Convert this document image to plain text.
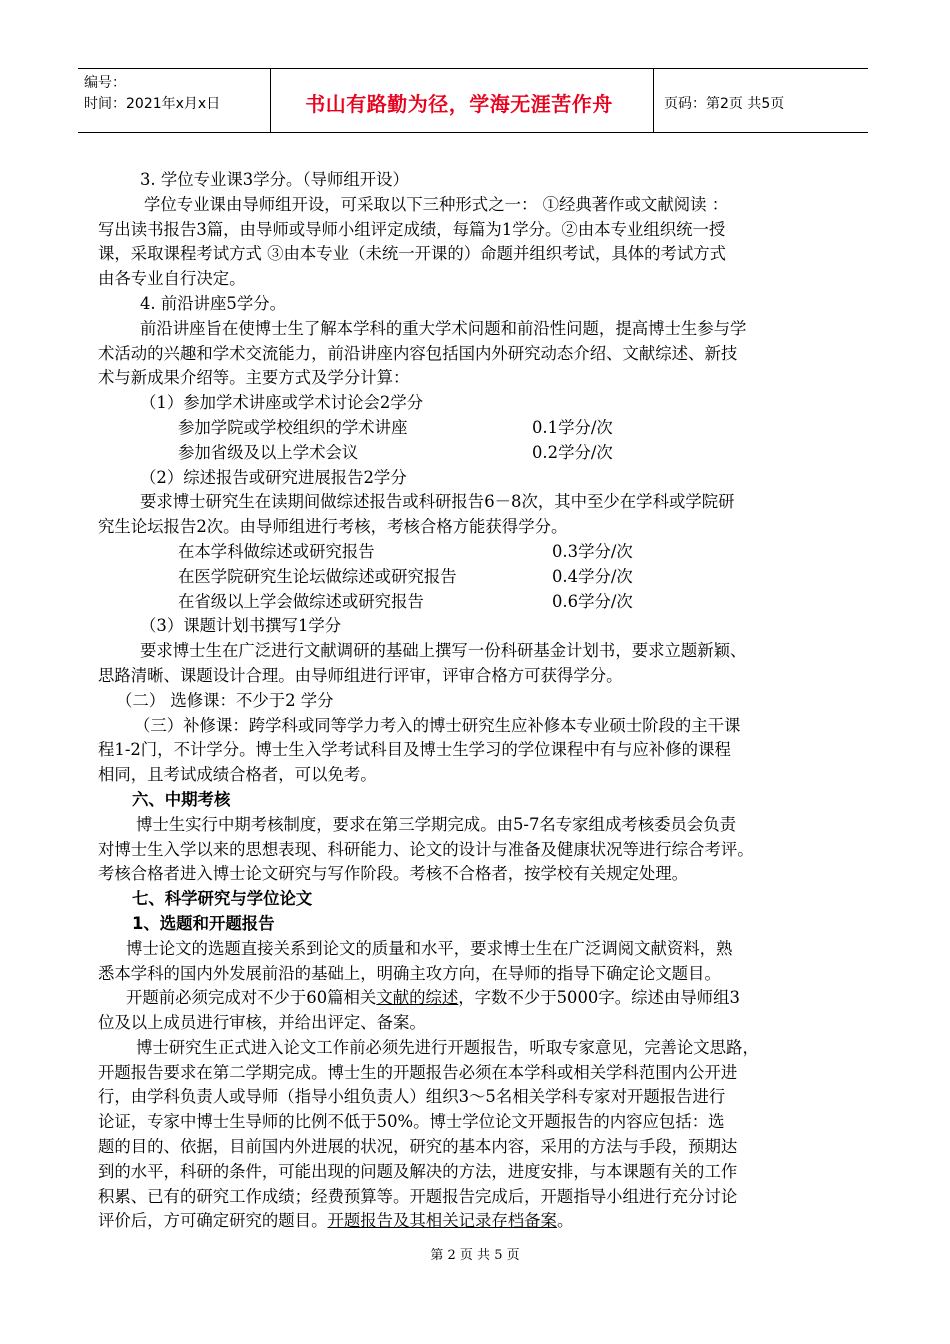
编号：
时间：2021年x月x日	书山有路勤为径，学海无涯苦作舟	页码：第2页 共5页

3. 学位专业课3学分。（导师组开设）

学位专业课由导师组开设，可采取以下三种形式之一： ①经典著作或文献阅读 ：

写出读书报告3篇，由导师或导师小组评定成绩，每篇为1学分。②由本专业组织统一授

课，采取课程考试方式 ③由本专业（未统一开课的）命题并组织考试，具体的考试方式

由各专业自行决定。

4. 前沿讲座5学分。

前沿讲座旨在使博士生了解本学科的重大学术问题和前沿性问题，提高博士生参与学

术活动的兴趣和学术交流能力，前沿讲座内容包括国内外研究动态介绍、文献综述、新技

术与新成果介绍等。主要方式及学分计算：

（1）参加学术讲座或学术讨论会2学分

参加学院或学校组织的学术讲座	0.1学分/次
参加省级及以上学术会议	0.2学分/次

（2）综述报告或研究进展报告2学分

要求博士研究生在读期间做综述报告或科研报告6－8次，其中至少在学科或学院研

究生论坛报告2次。由导师组进行考核，考核合格方能获得学分。

在本学科做综述或研究报告	0.3学分/次
在医学院研究生论坛做综述或研究报告	0.4学分/次
在省级以上学会做综述或研究报告	0.6学分/次

（3）课题计划书撰写1学分

要求博士生在广泛进行文献调研的基础上撰写一份科研基金计划书，要求立题新颖、

思路清晰、课题设计合理。由导师组进行评审，评审合格方可获得学分。

（二） 选修课：不少于2 学分

（三）补修课：跨学科或同等学力考入的博士研究生应补修本专业硕士阶段的主干课

程1-2门，不计学分。博士生入学考试科目及博士生学习的学位课程中有与应补修的课程

相同，且考试成绩合格者，可以免考。

六、中期考核

博士生实行中期考核制度，要求在第三学期完成。由5-7名专家组成考核委员会负责

对博士生入学以来的思想表现、科研能力、论文的设计与准备及健康状况等进行综合考评。

考核合格者进入博士论文研究与写作阶段。考核不合格者，按学校有关规定处理。

七、科学研究与学位论文

1、选题和开题报告

博士论文的选题直接关系到论文的质量和水平，要求博士生在广泛调阅文献资料，熟

悉本学科的国内外发展前沿的基础上，明确主攻方向，在导师的指导下确定论文题目。

开题前必须完成对不少于60篇相关文献的综述，字数不少于5000字。综述由导师组3

位及以上成员进行审核，并给出评定、备案。

博士研究生正式进入论文工作前必须先进行开题报告，听取专家意见，完善论文思路，

开题报告要求在第二学期完成。博士生的开题报告必须在本学科或相关学科范围内公开进

行，由学科负责人或导师（指导小组负责人）组织3～5名相关学科专家对开题报告进行

论证，专家中博士生导师的比例不低于50%。博士学位论文开题报告的内容应包括：选

题的目的、依据，目前国内外进展的状况，研究的基本内容，采用的方法与手段，预期达

到的水平，科研的条件，可能出现的问题及解决的方法，进度安排，与本课题有关的工作

积累、已有的研究工作成绩；经费预算等。开题报告完成后，开题指导小组进行充分讨论

评价后，方可确定研究的题目。开题报告及其相关记录存档备案。

第 2 页 共 5 页
